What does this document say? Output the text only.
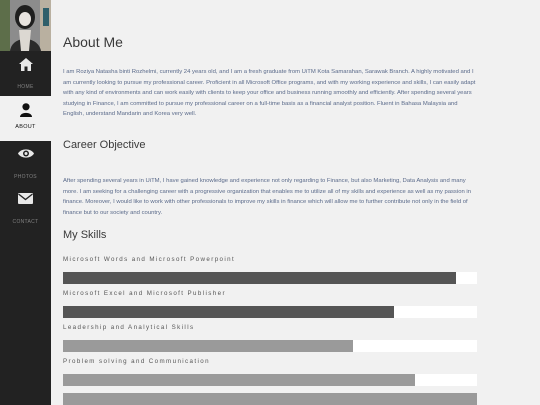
HOME
ABOUT
PHOTOS
CONTACT
About Me

I am Roziya Natasha binti Rozhelmi, currently 24 years old, and I am a fresh graduate from UiTM Kota Samarahan, Sarawak Branch. A highly motivated and I am currently looking to pursue my professional career. Proficient in all Microsoft Office programs, and with my working experience and skills, I can easily adapt with any kind of environments and can work easily with clients to keep your office and business running smoothly and efficiently. After spending several years studying in Finance, I am committed to pursue my professional career on a full-time basis as a financial analyst position. Fluent in Bahasa Malaysia and English, understand Mandarin and Korea very well.

Career Objective

After spending several years in UiTM, I have gained knowledge and experience not only regarding to Finance, but also Marketing, Data Analysis and many more. I am seeking for a challenging career with a progressive organization that enables me to utilize all of my skills and experience as well as my passion in finance. Moreover, I would like to work with other professionals to improve my skills in finance which will allow me to further contribute not only in the field of finance but to our society and country.

My Skills
Microsoft Words and Microsoft Powerpoint
Microsoft Excel and Microsoft Publisher
Leadership and Analytical Skills
Problem solving and Communication
